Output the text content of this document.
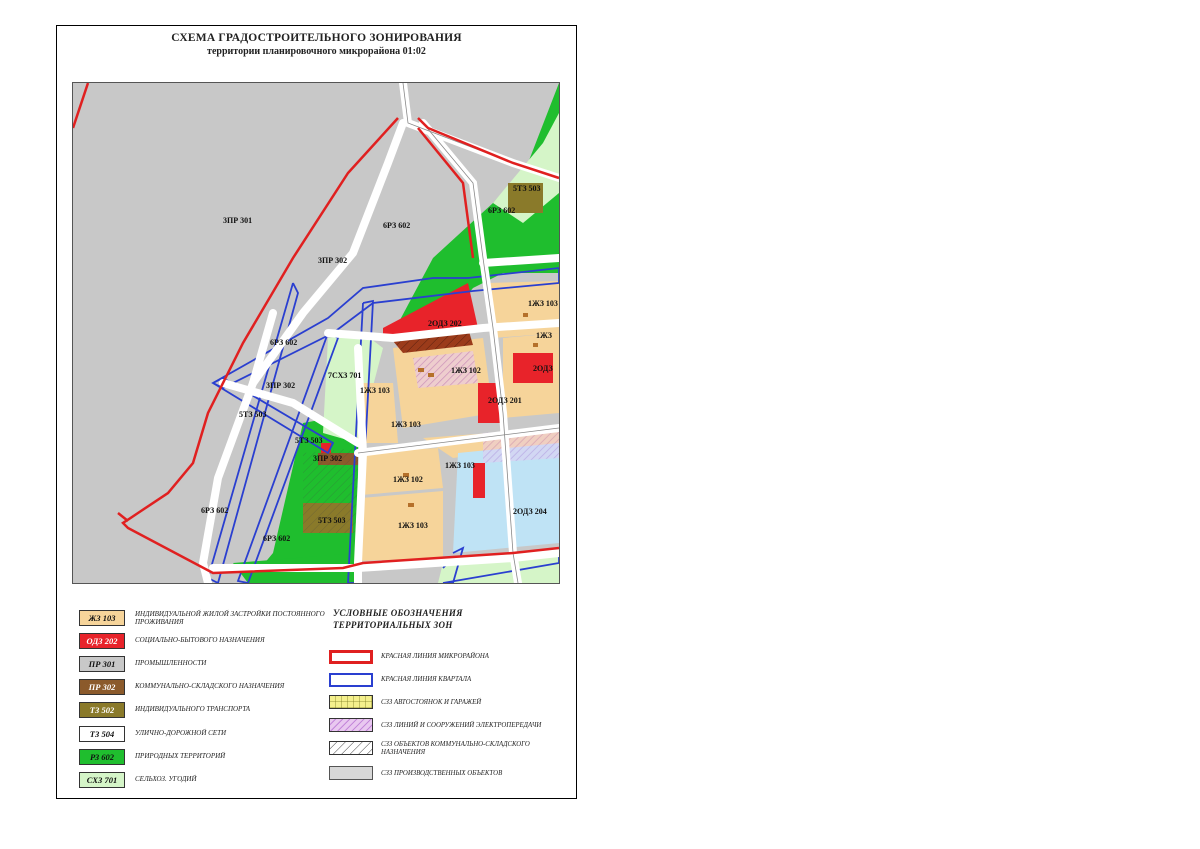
СХЕМА ГРАДОСТРОИТЕЛЬНОГО ЗОНИРОВАНИЯ
территории планировочного микрорайона 01:02
3ПР 301
6РЗ 602
3ПР 302
5ТЗ 503
6РЗ 602
2ОДЗ 202
1ЖЗ 103
6РЗ 602
7СХЗ 701
1ЖЗ 103
1ЖЗ 102
3ПР 302
5ТЗ 503
1ЖЗ 103
2ОДЗ 201
5ТЗ 503
3ПР 302
1ЖЗ 103
1ЖЗ 102
6РЗ 602
5ТЗ 503
1ЖЗ 103
2ОДЗ 204
6РЗ 602
1ЖЗ
2ОДЗ
ЖЗ 103	ИНДИВИДУАЛЬНОЙ ЖИЛОЙ ЗАСТРОЙКИ ПОСТОЯННОГО ПРОЖИВАНИЯ
ОДЗ 202	СОЦИАЛЬНО-БЫТОВОГО НАЗНАЧЕНИЯ
ПР 301	ПРОМЫШЛЕННОСТИ
ПР 302	КОММУНАЛЬНО-СКЛАДСКОГО НАЗНАЧЕНИЯ
ТЗ 502	ИНДИВИДУАЛЬНОГО ТРАНСПОРТА
ТЗ 504	УЛИЧНО-ДОРОЖНОЙ СЕТИ
РЗ 602	ПРИРОДНЫХ ТЕРРИТОРИЙ
СХЗ 701	СЕЛЬХОЗ. УГОДИЙ
УСЛОВНЫЕ ОБОЗНАЧЕНИЯ
ТЕРРИТОРИАЛЬНЫХ ЗОН
КРАСНАЯ ЛИНИЯ МИКРОРАЙОНА
КРАСНАЯ ЛИНИЯ КВАРТАЛА
СЗЗ АВТОСТОЯНОК И ГАРАЖЕЙ
СЗЗ ЛИНИЙ И СООРУЖЕНИЙ ЭЛЕКТРОПЕРЕДАЧИ
СЗЗ ОБЪЕКТОВ КОММУНАЛЬНО-СКЛАДСКОГО НАЗНАЧЕНИЯ
СЗЗ ПРОИЗВОДСТВЕННЫХ ОБЪЕКТОВ
